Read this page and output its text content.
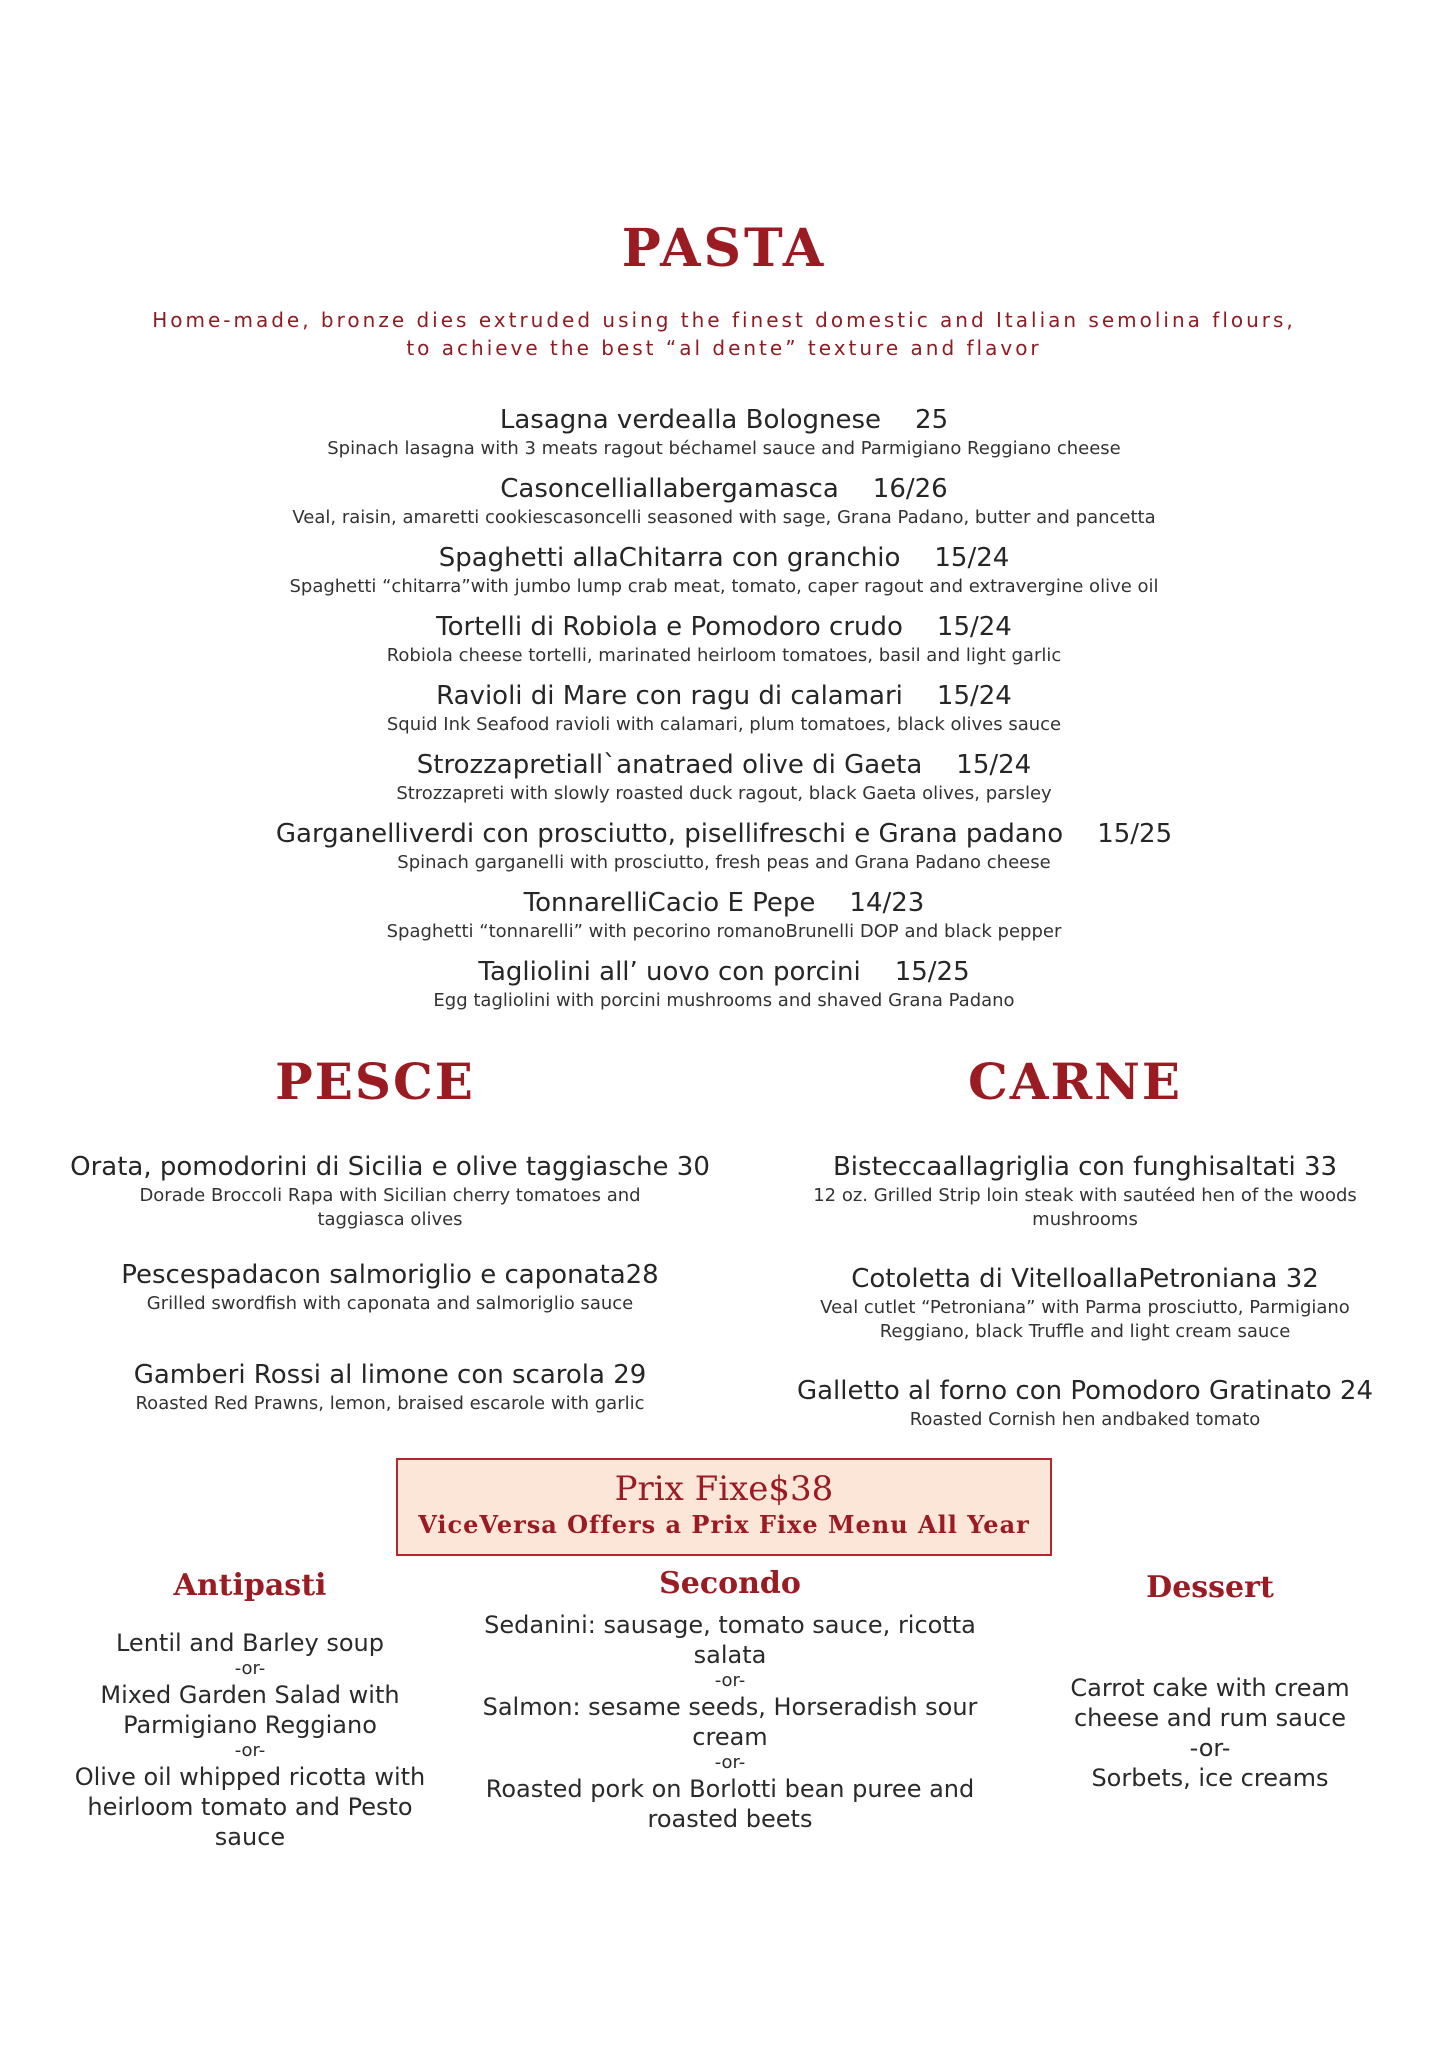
PASTA
Home-made, bronze dies extruded using the finest domestic and Italian semolina flours,
to achieve the best “al dente” texture and flavor
Lasagna verdealla Bolognese 25
Spinach lasagna with 3 meats ragout béchamel sauce and Parmigiano Reggiano cheese
Casoncelliallabergamasca 16/26
Veal, raisin, amaretti cookiescasoncelli seasoned with sage, Grana Padano, butter and pancetta
Spaghetti allaChitarra con granchio 15/24
Spaghetti “chitarra”with jumbo lump crab meat, tomato, caper ragout and extravergine olive oil
Tortelli di Robiola e Pomodoro crudo 15/24
Robiola cheese tortelli, marinated heirloom tomatoes, basil and light garlic
Ravioli di Mare con ragu di calamari 15/24
Squid Ink Seafood ravioli with calamari, plum tomatoes, black olives sauce
Strozzapretiall`anatraed olive di Gaeta 15/24
Strozzapreti with slowly roasted duck ragout, black Gaeta olives, parsley
Garganelliverdi con prosciutto, pisellifreschi e Grana padano 15/25
Spinach garganelli with prosciutto, fresh peas and Grana Padano cheese
TonnarelliCacio E Pepe 14/23
Spaghetti “tonnarelli” with pecorino romanoBrunelli DOP and black pepper
Tagliolini all’ uovo con porcini 15/25
Egg tagliolini with porcini mushrooms and shaved Grana Padano
PESCE	CARNE
Orata, pomodorini di Sicilia e olive taggiasche 30
Dorade Broccoli Rapa with Sicilian cherry tomatoes and taggiasca olives
Pescespadacon salmoriglio e caponata28
Grilled swordfish with caponata and salmoriglio sauce
Gamberi Rossi al limone con scarola 29
Roasted Red Prawns, lemon, braised escarole with garlic
Bisteccaallagriglia con funghisaltati 33
12 oz. Grilled Strip loin steak with sautéed hen of the woods mushrooms
Cotoletta di VitelloallaPetroniana 32
Veal cutlet “Petroniana” with Parma prosciutto, Parmigiano Reggiano, black Truffle and light cream sauce
Galletto al forno con Pomodoro Gratinato 24
Roasted Cornish hen andbaked tomato
Prix Fixe$38
ViceVersa Offers a Prix Fixe Menu All Year
Antipasti	Secondo	Dessert
Lentil and Barley soup
-or-
Mixed Garden Salad with Parmigiano Reggiano
-or-
Olive oil whipped ricotta with heirloom tomato and Pesto sauce
Sedanini: sausage, tomato sauce, ricotta salata
-or-
Salmon: sesame seeds, Horseradish sour cream
-or-
Roasted pork on Borlotti bean puree and roasted beets
Carrot cake with cream cheese and rum sauce
-or-
Sorbets, ice creams
